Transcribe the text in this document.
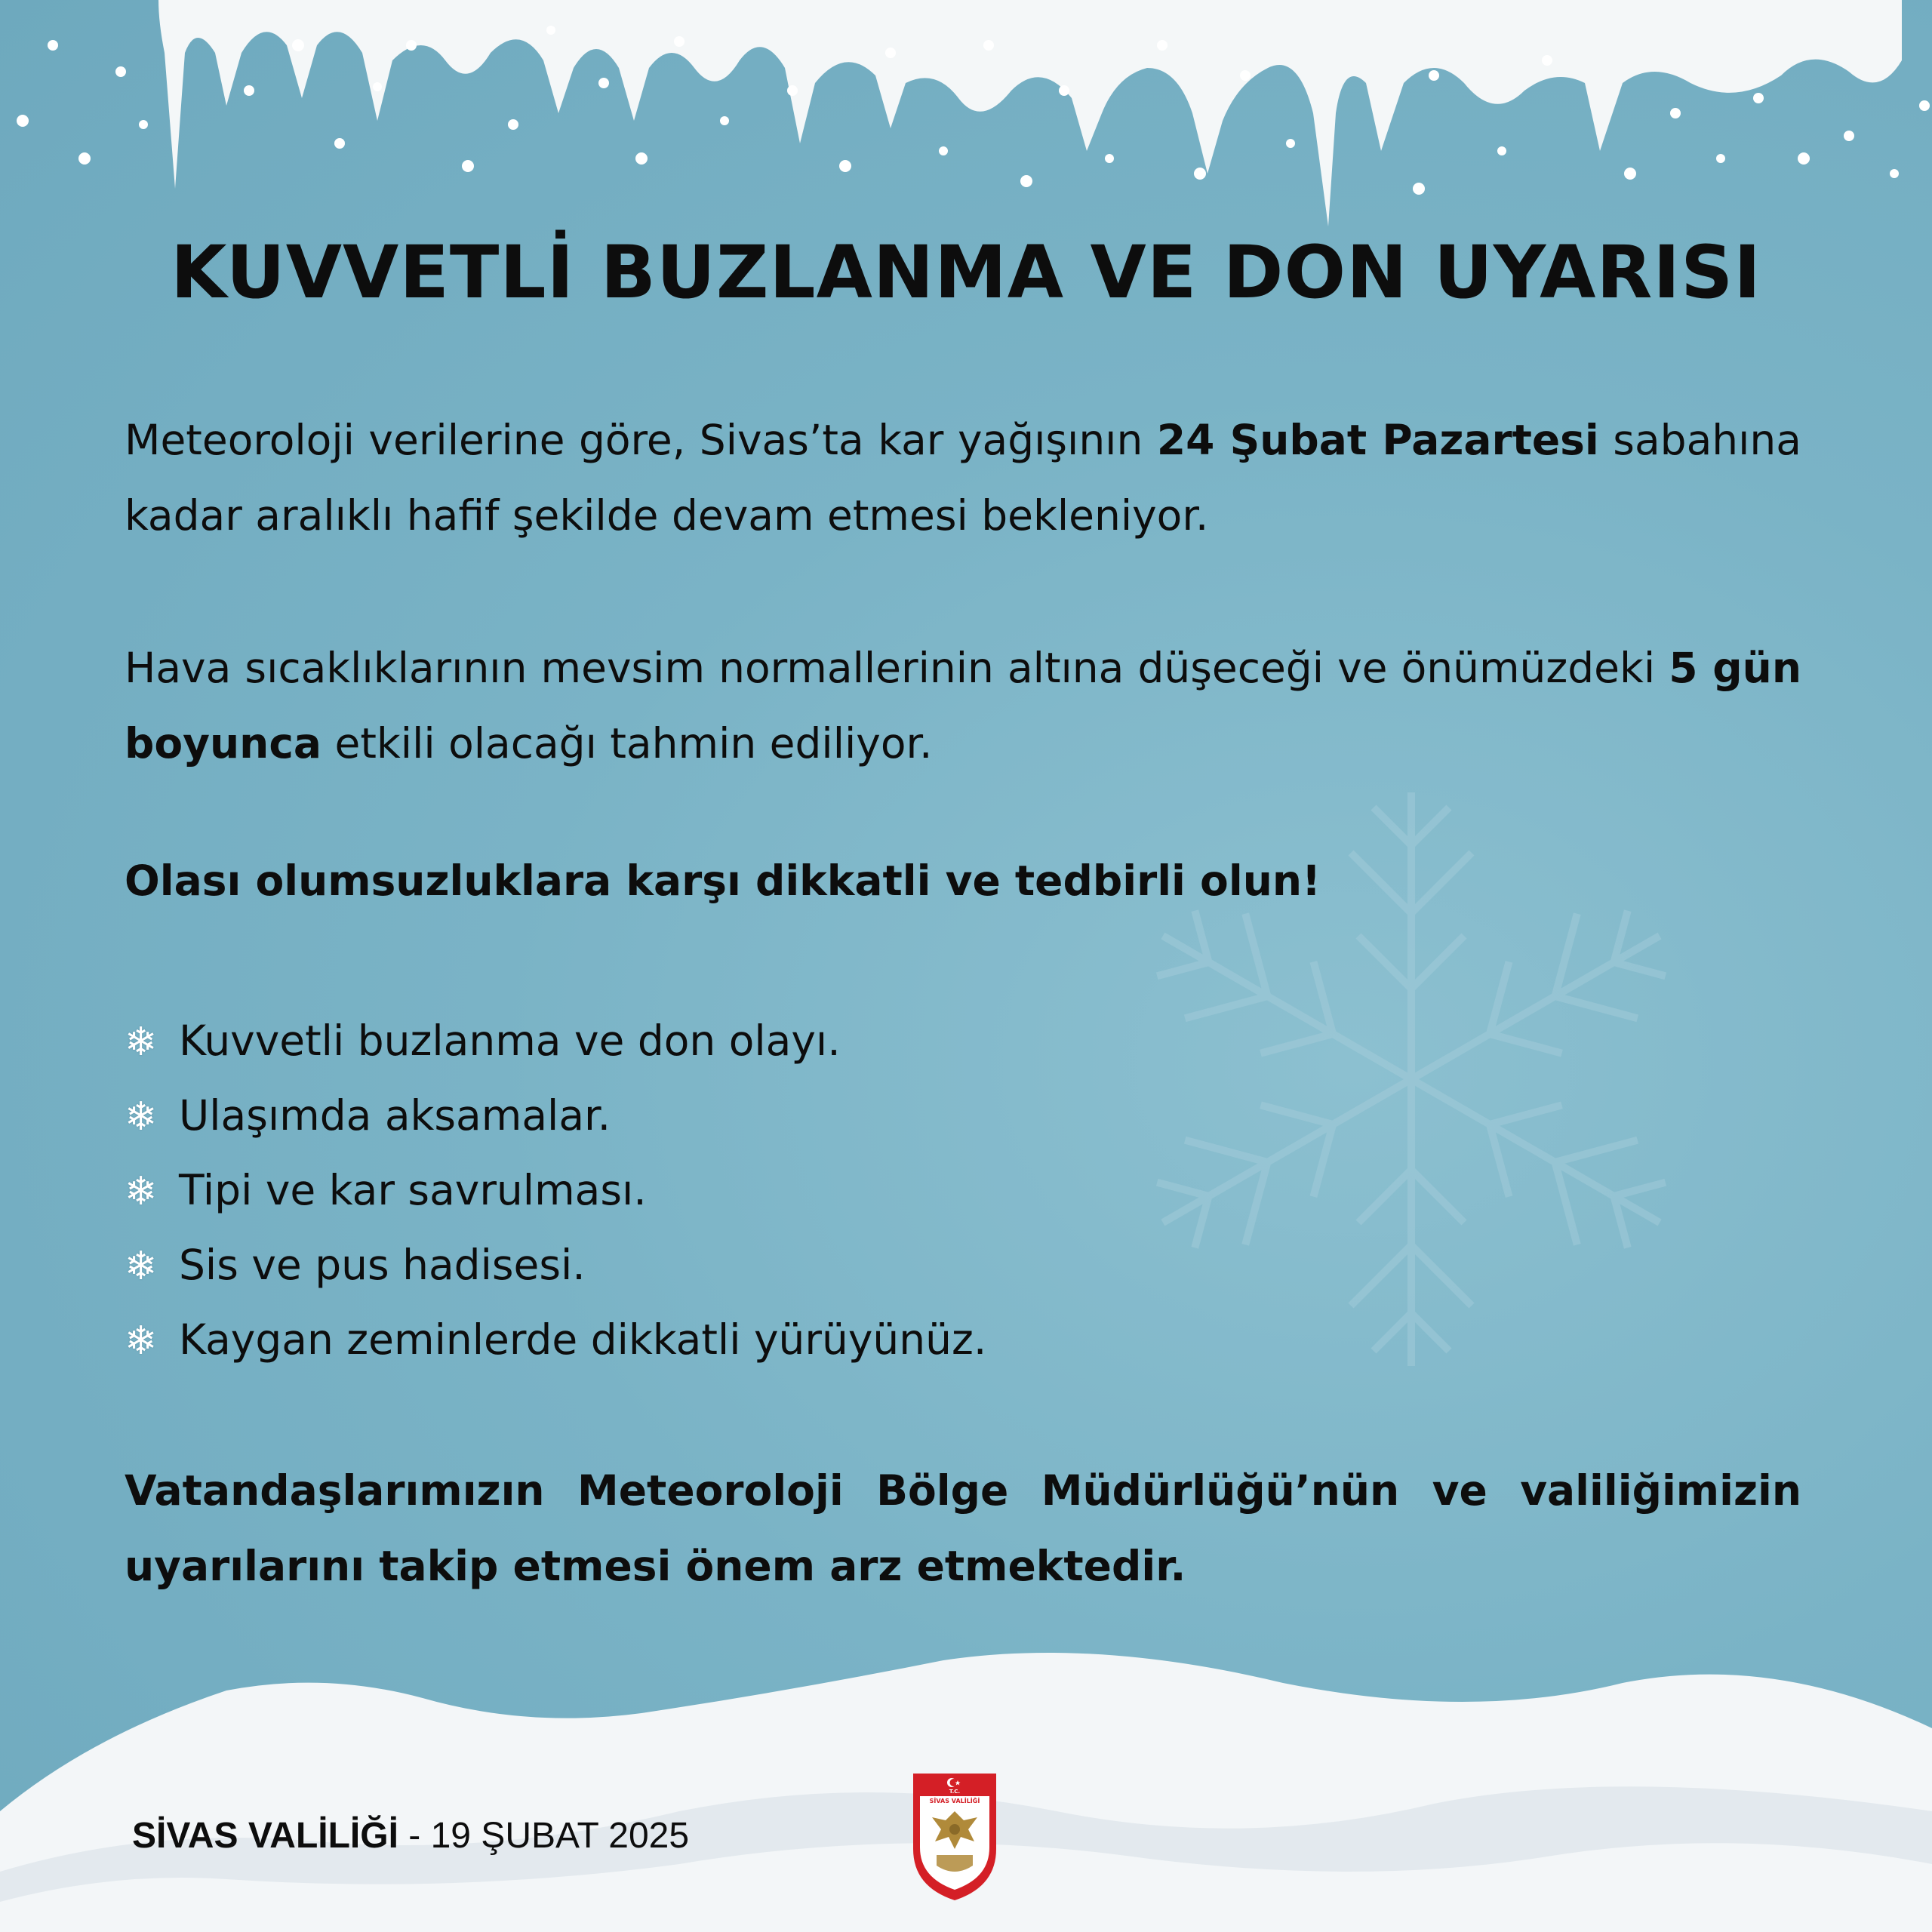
KUVVETLİ BUZLANMA VE DON UYARISI

Meteoroloji verilerine göre, Sivas’ta kar yağışının 24 Şubat Pazartesi sabahına kadar aralıklı hafif şekilde devam etmesi bekleniyor.

Hava sıcaklıklarının mevsim normallerinin altına düşeceği ve önümüzdeki 5 gün boyunca etkili olacağı tahmin ediliyor.

Olası olumsuzluklara karşı dikkatli ve tedbirli olun!

❄ Kuvvetli buzlanma ve don olayı.
❄ Ulaşımda aksamalar.
❄ Tipi ve kar savrulması.
❄ Sis ve pus hadisesi.
❄ Kaygan zeminlerde dikkatli yürüyünüz.

Vatandaşlarımızın Meteoroloji Bölge Müdürlüğü’nün ve valiliğimizin uyarılarını takip etmesi önem arz etmektedir.

SİVAS VALİLİĞİ - 19 ŞUBAT 2025
T.C.
SİVAS VALİLİĞİ
